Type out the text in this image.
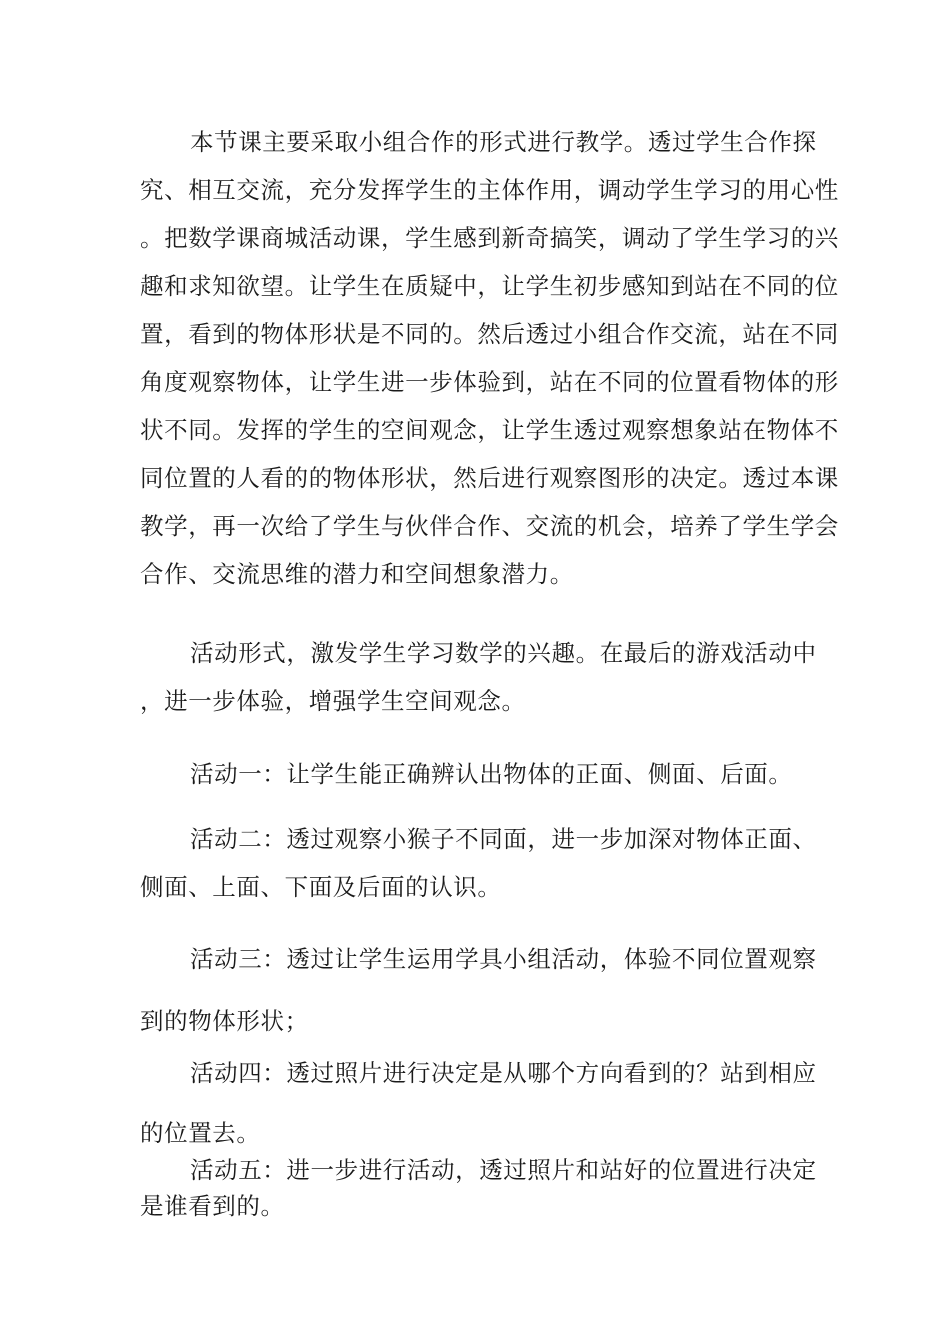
本节课主要采取小组合作的形式进行教学。透过学生合作探究、相互交流，充分发挥学生的主体作用，调动学生学习的用心性。把数学课商城活动课，学生感到新奇搞笑，调动了学生学习的兴趣和求知欲望。让学生在质疑中，让学生初步感知到站在不同的位置，看到的物体形状是不同的。然后透过小组合作交流，站在不同角度观察物体，让学生进一步体验到，站在不同的位置看物体的形状不同。发挥的学生的空间观念，让学生透过观察想象站在物体不同位置的人看的的物体形状，然后进行观察图形的决定。透过本课教学，再一次给了学生与伙伴合作、交流的机会，培养了学生学会合作、交流思维的潜力和空间想象潜力。

活动形式，激发学生学习数学的兴趣。在最后的游戏活动中，进一步体验，增强学生空间观念。

活动一：让学生能正确辨认出物体的正面、侧面、后面。

活动二：透过观察小猴子不同面，进一步加深对物体正面、侧面、上面、下面及后面的认识。

活动三：透过让学生运用学具小组活动，体验不同位置观察到的物体形状；

活动四：透过照片进行决定是从哪个方向看到的？站到相应的位置去。

活动五：进一步进行活动，透过照片和站好的位置进行决定是谁看到的。
